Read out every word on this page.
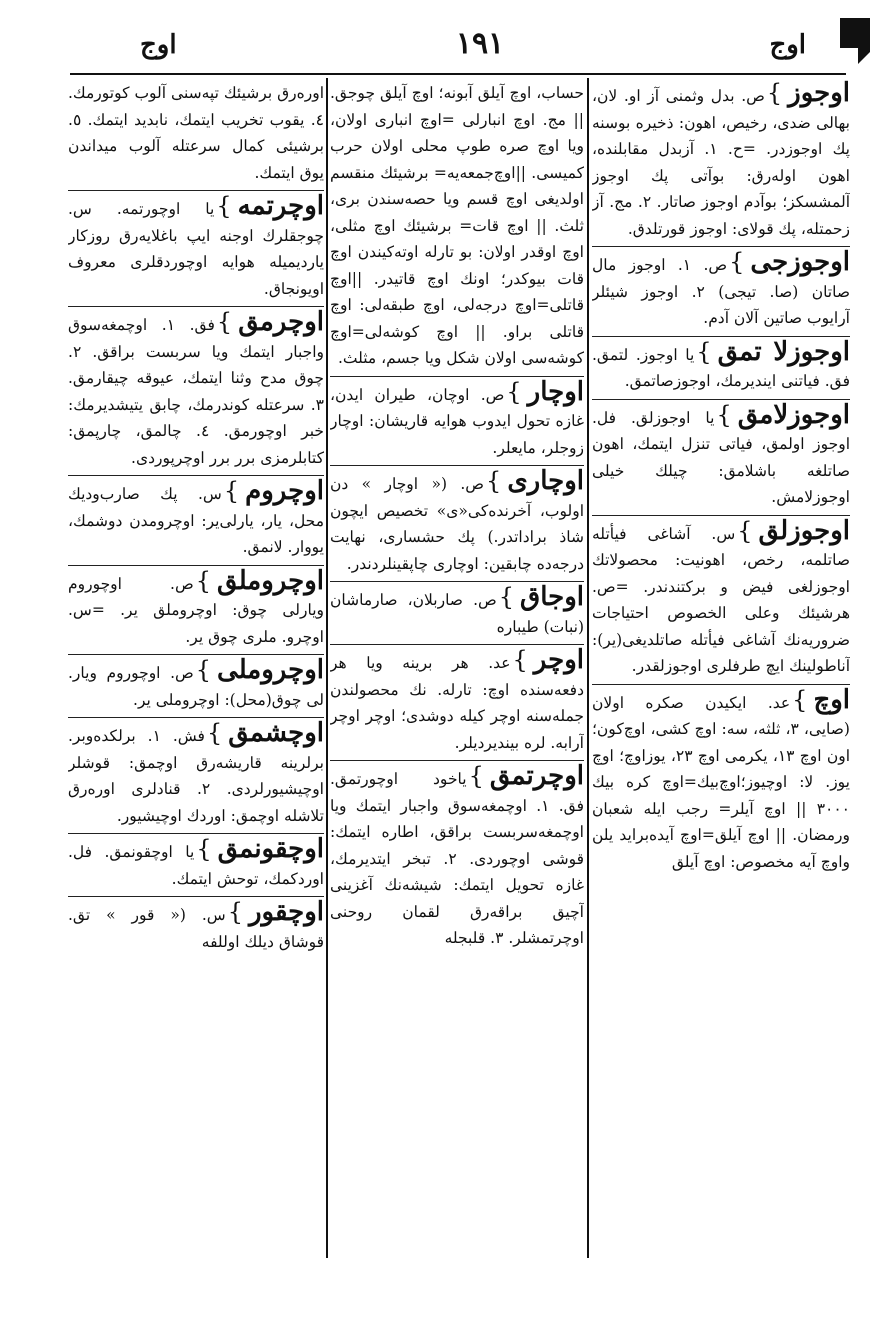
اوج	١٩١	اوج

اوجوز}ص. بدل وثمنی آز او. لان، بهالی ضدی، رخیص، اهون: ذخیره بوسنه پك اوجوزدر. =ح. ١. آزبدل مقابلنده، اهون اوله‌رق: بوآتی پك اوجوز آلمشسکز؛ بوآدم اوجوز صاتار. ٢. مج. آز زحمتله، پك قولای: اوجوز قورتلدق.

اوجوزجی}ص. ١. اوجوز مال صاتان (صا. تیجی) ٢. اوجوز شیئلر آرایوب صاتین آلان آدم.

اوجوزلا تمق}یا اوجوز. لتمق. فق. فیاتنی ایندیرمك، اوجوزصاتمق.

اوجوزلامق}یا اوجوزلق. فل. اوجوز اولمق، فیاتی تنزل ایتمك، اهون صاتلغه باشلامق: چیلك خیلی اوجوزلامش.

اوجوزلق}س. آشاغی فیأتله صاتلمه، رخص، اهونیت: محصولاتك اوجوزلغی فیض و برکتندندر. =ص. هرشیئك وعلی الخصوص احتیاجات ضروریه‌نك آشاغی فیأتله صاتلدیغی(یر): آناطولینك ایچ طرفلری اوجوزلقدر.

اوچ}عد. ایکیدن صکره اولان (صایی، ٣، ثلثه، سه: اوچ کشی، اوچ‌کون؛ اون اوچ ١٣، یکرمی اوچ ٢٣، یوزاوچ؛ اوچ یوز. لا: اوچیوز؛اوچ‌بیك=اوچ کره بیك ٣٠٠٠ || اوچ آیلر= رجب ایله شعبان ورمضان. || اوچ آیلق=اوچ آیده‌براید یلن واوچ آیه مخصوص: اوچ آیلق

حساب، اوچ آیلق آبونه؛ اوچ آیلق چوجق. || مج. اوچ انبارلی =اوچ انباری اولان، ویا اوچ صره طوپ محلی اولان حرب کمیسی. ||اوچ‌جمعه‌یه= برشیئك منقسم اولدیغی اوچ قسم ویا حصه‌سندن بری، ثلث. || اوچ قات= برشیئك اوچ مثلی، اوچ اوقدر اولان: بو تارله اوته‌کیندن اوچ قات بیوکدر؛ اونك اوچ قاتیدر. ||اوچ قاتلی=اوچ درجه‌لی، اوچ طبقه‌لی: اوچ قاتلی براو. || اوچ کوشه‌لی=اوچ کوشه‌سی اولان شکل ویا جسم، مثلث.

اوچار}ص. اوچان، طیران ایدن، غازه تحول ایدوب هوایه قاریشان: اوچار زوجلر، مایعلر.

اوچاری}ص. (« اوچار » دن اولوب، آخرنده‌کی«ی» تخصیص ایچون شاذ براداتدر.) پك حشساری، نهایت درجه‌ده چابقین: اوچاری چاپقینلردندر.

اوجاق}ص. صاربلان، صارماشان (نبات) طیباره

اوچر}عد. هر برینه ویا هر دفعه‌سنده اوچ: تارله. نك محصولندن جمله‌سنه اوچر کیله دوشدی؛ اوچر اوچر آرابه. لره بیندیردیلر.

اوچرتمق}یاخود اوچورتمق. فق. ١. اوچمغه‌سوق واجبار ایتمك ویا اوچمغه‌سربست براقق، اطاره ایتمك: قوشی اوچوردی. ٢. تبخر ایتدیرمك، غازه تحویل ایتمك: شیشه‌نك آغزینی آچیق براقه‌رق لقمان روحنی اوچرتمشلر. ٣. قلبجله

اوره‌رق برشیئك تپه‌سنی آلوب کوتورمك. ٤. یقوب تخریب ایتمك، نابدید ایتمك. ٥. برشیئی کمال سرعتله آلوب میداندن یوق ایتمك.

اوچرتمه}یا اوچورتمه. س. چوجقلرك اوجنه ایپ باغلایه‌رق روزکار یاردیمیله هوایه اوچوردقلری معروف اویونجاق.

اوچرمق}فق. ١. اوچمغه‌سوق واجبار ایتمك ویا سربست براقق. ٢. چوق مدح وثنا ایتمك، عیوقه چیقارمق. ٣. سرعتله کوندرمك، چابق یتیشدیرمك: خبر اوچورمق. ٤. چالمق، چارپمق: کتابلرمزی برر برر اوچرپوردی.

اوچروم}س. پك صارب‌ودیك محل، یار، یارلی‌یر: اوچرومدن دوشمك، یووار. لانمق.

اوچروملق}ص. اوچوروم ویارلی چوق: اوچروملق یر. =س. اوچرو. ملری چوق یر.

اوچروملی}ص. اوچوروم ویار. لی چوق(محل): اوچروملی یر.

اوچشمق}فش. ١. برلکده‌وبر. برلرینه قاریشه‌رق اوچمق: قوشلر اوچیشیورلردی. ٢. قنادلری اوره‌رق تلاشله اوچمق: اوردك اوچیشیور.

اوچقونمق}یا اوچقونمق. فل. اوردکمك، توحش ایتمك.

اوچقور}س. (« قور » تق. قوشاق دیلك اوللفه
